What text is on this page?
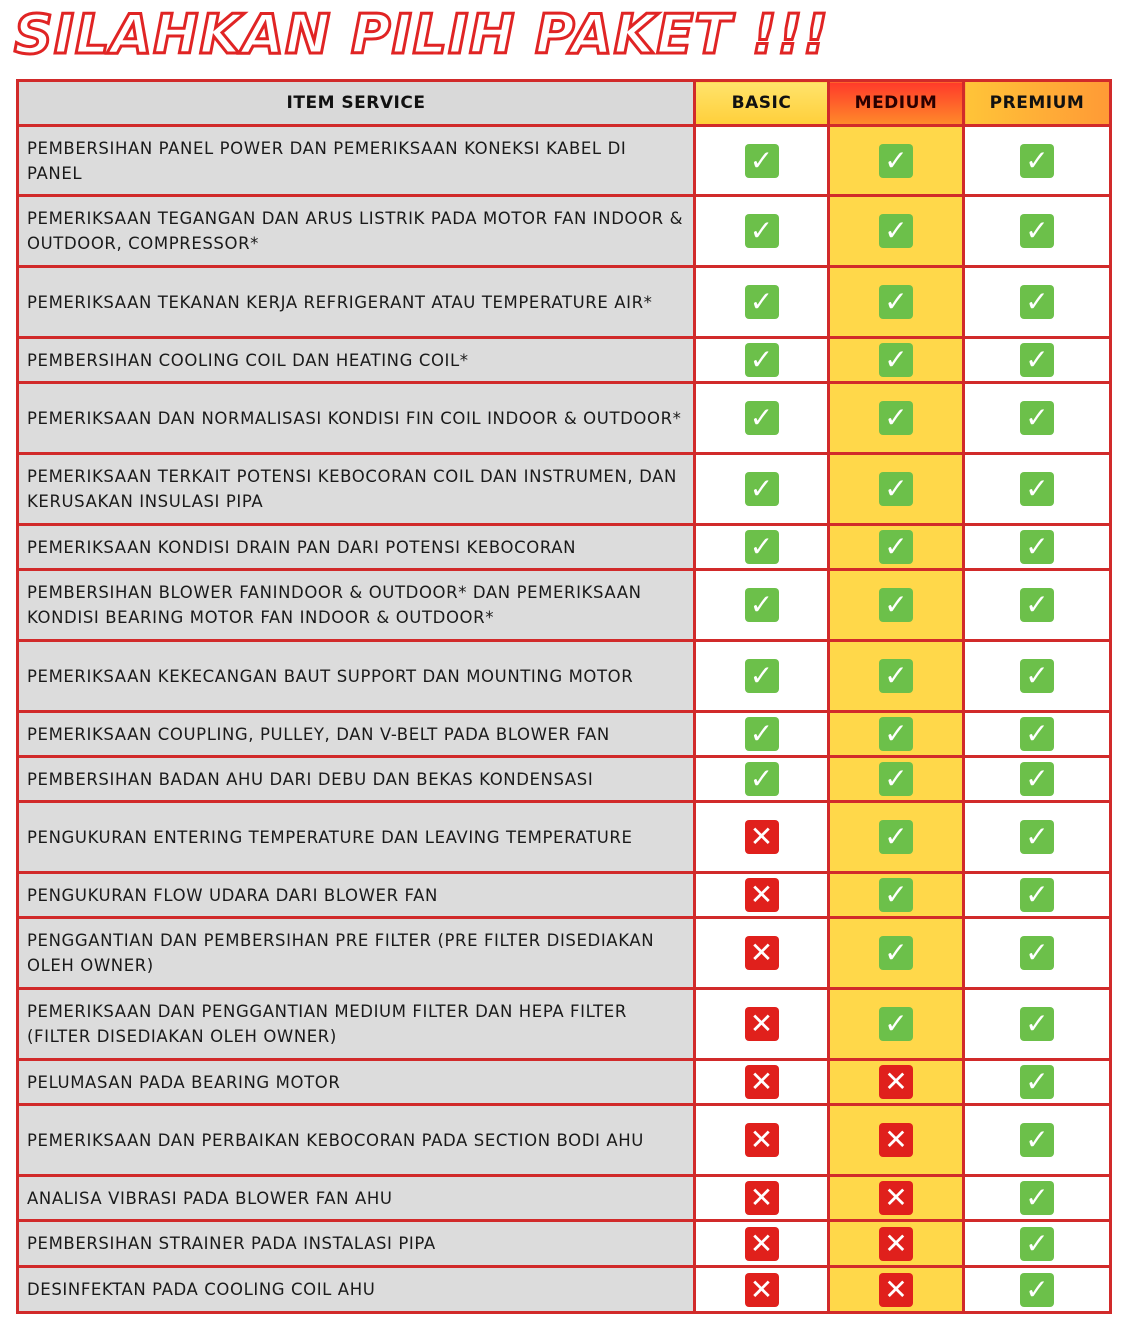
SILAHKAN PILIH PAKET !!!
ITEM SERVICE	BASIC	MEDIUM	PREMIUM
PEMBERSIHAN PANEL POWER DAN PEMERIKSAAN KONEKSI KABEL DI PANEL	✓	✓	✓
PEMERIKSAAN TEGANGAN DAN ARUS LISTRIK PADA MOTOR FAN INDOOR & OUTDOOR, COMPRESSOR*	✓	✓	✓
PEMERIKSAAN TEKANAN KERJA REFRIGERANT ATAU TEMPERATURE AIR*	✓	✓	✓
PEMBERSIHAN COOLING COIL DAN HEATING COIL*	✓	✓	✓
PEMERIKSAAN DAN NORMALISASI KONDISI FIN COIL INDOOR & OUTDOOR*	✓	✓	✓
PEMERIKSAAN TERKAIT POTENSI KEBOCORAN COIL DAN INSTRUMEN, DAN KERUSAKAN INSULASI PIPA	✓	✓	✓
PEMERIKSAAN KONDISI DRAIN PAN DARI POTENSI KEBOCORAN	✓	✓	✓
PEMBERSIHAN BLOWER FANINDOOR & OUTDOOR* DAN PEMERIKSAAN KONDISI BEARING MOTOR FAN INDOOR & OUTDOOR*	✓	✓	✓
PEMERIKSAAN KEKECANGAN BAUT SUPPORT DAN MOUNTING MOTOR	✓	✓	✓
PEMERIKSAAN COUPLING, PULLEY, DAN V-BELT PADA BLOWER FAN	✓	✓	✓
PEMBERSIHAN BADAN AHU DARI DEBU DAN BEKAS KONDENSASI	✓	✓	✓
PENGUKURAN ENTERING TEMPERATURE DAN LEAVING TEMPERATURE	✕	✓	✓
PENGUKURAN FLOW UDARA DARI BLOWER FAN	✕	✓	✓
PENGGANTIAN DAN PEMBERSIHAN PRE FILTER (PRE FILTER DISEDIAKAN OLEH OWNER)	✕	✓	✓
PEMERIKSAAN DAN PENGGANTIAN MEDIUM FILTER DAN HEPA FILTER (FILTER DISEDIAKAN OLEH OWNER)	✕	✓	✓
PELUMASAN PADA BEARING MOTOR	✕	✕	✓
PEMERIKSAAN DAN PERBAIKAN KEBOCORAN PADA SECTION BODI AHU	✕	✕	✓
ANALISA VIBRASI PADA BLOWER FAN AHU	✕	✕	✓
PEMBERSIHAN STRAINER PADA INSTALASI PIPA	✕	✕	✓
DESINFEKTAN PADA COOLING COIL AHU	✕	✕	✓
